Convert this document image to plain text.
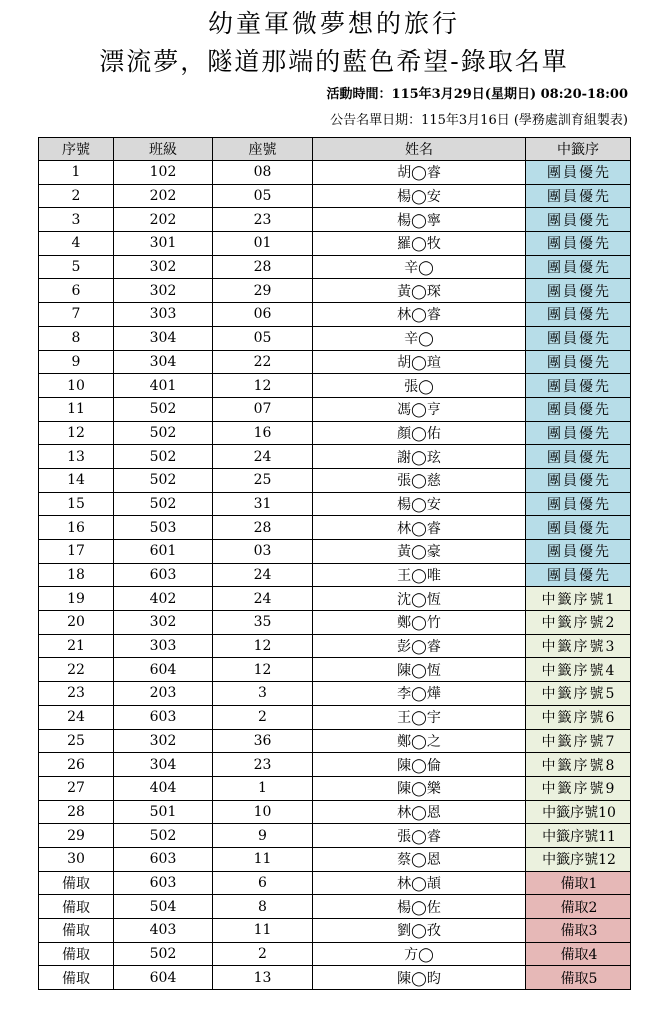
幼童軍微夢想的旅行
漂流夢，隧道那端的藍色希望-錄取名單
活動時間：115年3月29日(星期日) 08:20-18:00
公告名單日期：115年3月16日 (學務處訓育組製表)
序號	班級	座號	姓名	中籤序
1	102	08	胡◯睿	團員優先
2	202	05	楊◯安	團員優先
3	202	23	楊◯寧	團員優先
4	301	01	羅◯牧	團員優先
5	302	28	辛◯	團員優先
6	302	29	黃◯琛	團員優先
7	303	06	林◯睿	團員優先
8	304	05	辛◯	團員優先
9	304	22	胡◯瑄	團員優先
10	401	12	張◯	團員優先
11	502	07	馮◯亨	團員優先
12	502	16	顏◯佑	團員優先
13	502	24	謝◯玹	團員優先
14	502	25	張◯慈	團員優先
15	502	31	楊◯安	團員優先
16	503	28	林◯睿	團員優先
17	601	03	黃◯豪	團員優先
18	603	24	王◯唯	團員優先
19	402	24	沈◯恆	中籤序號1
20	302	35	鄭◯竹	中籤序號2
21	303	12	彭◯睿	中籤序號3
22	604	12	陳◯恆	中籤序號4
23	203	3	李◯燁	中籤序號5
24	603	2	王◯宇	中籤序號6
25	302	36	鄭◯之	中籤序號7
26	304	23	陳◯倫	中籤序號8
27	404	1	陳◯樂	中籤序號9
28	501	10	林◯恩	中籤序號10
29	502	9	張◯睿	中籤序號11
30	603	11	蔡◯恩	中籤序號12
備取	603	6	林◯頡	備取1
備取	504	8	楊◯佐	備取2
備取	403	11	劉◯孜	備取3
備取	502	2	方◯	備取4
備取	604	13	陳◯昀	備取5
